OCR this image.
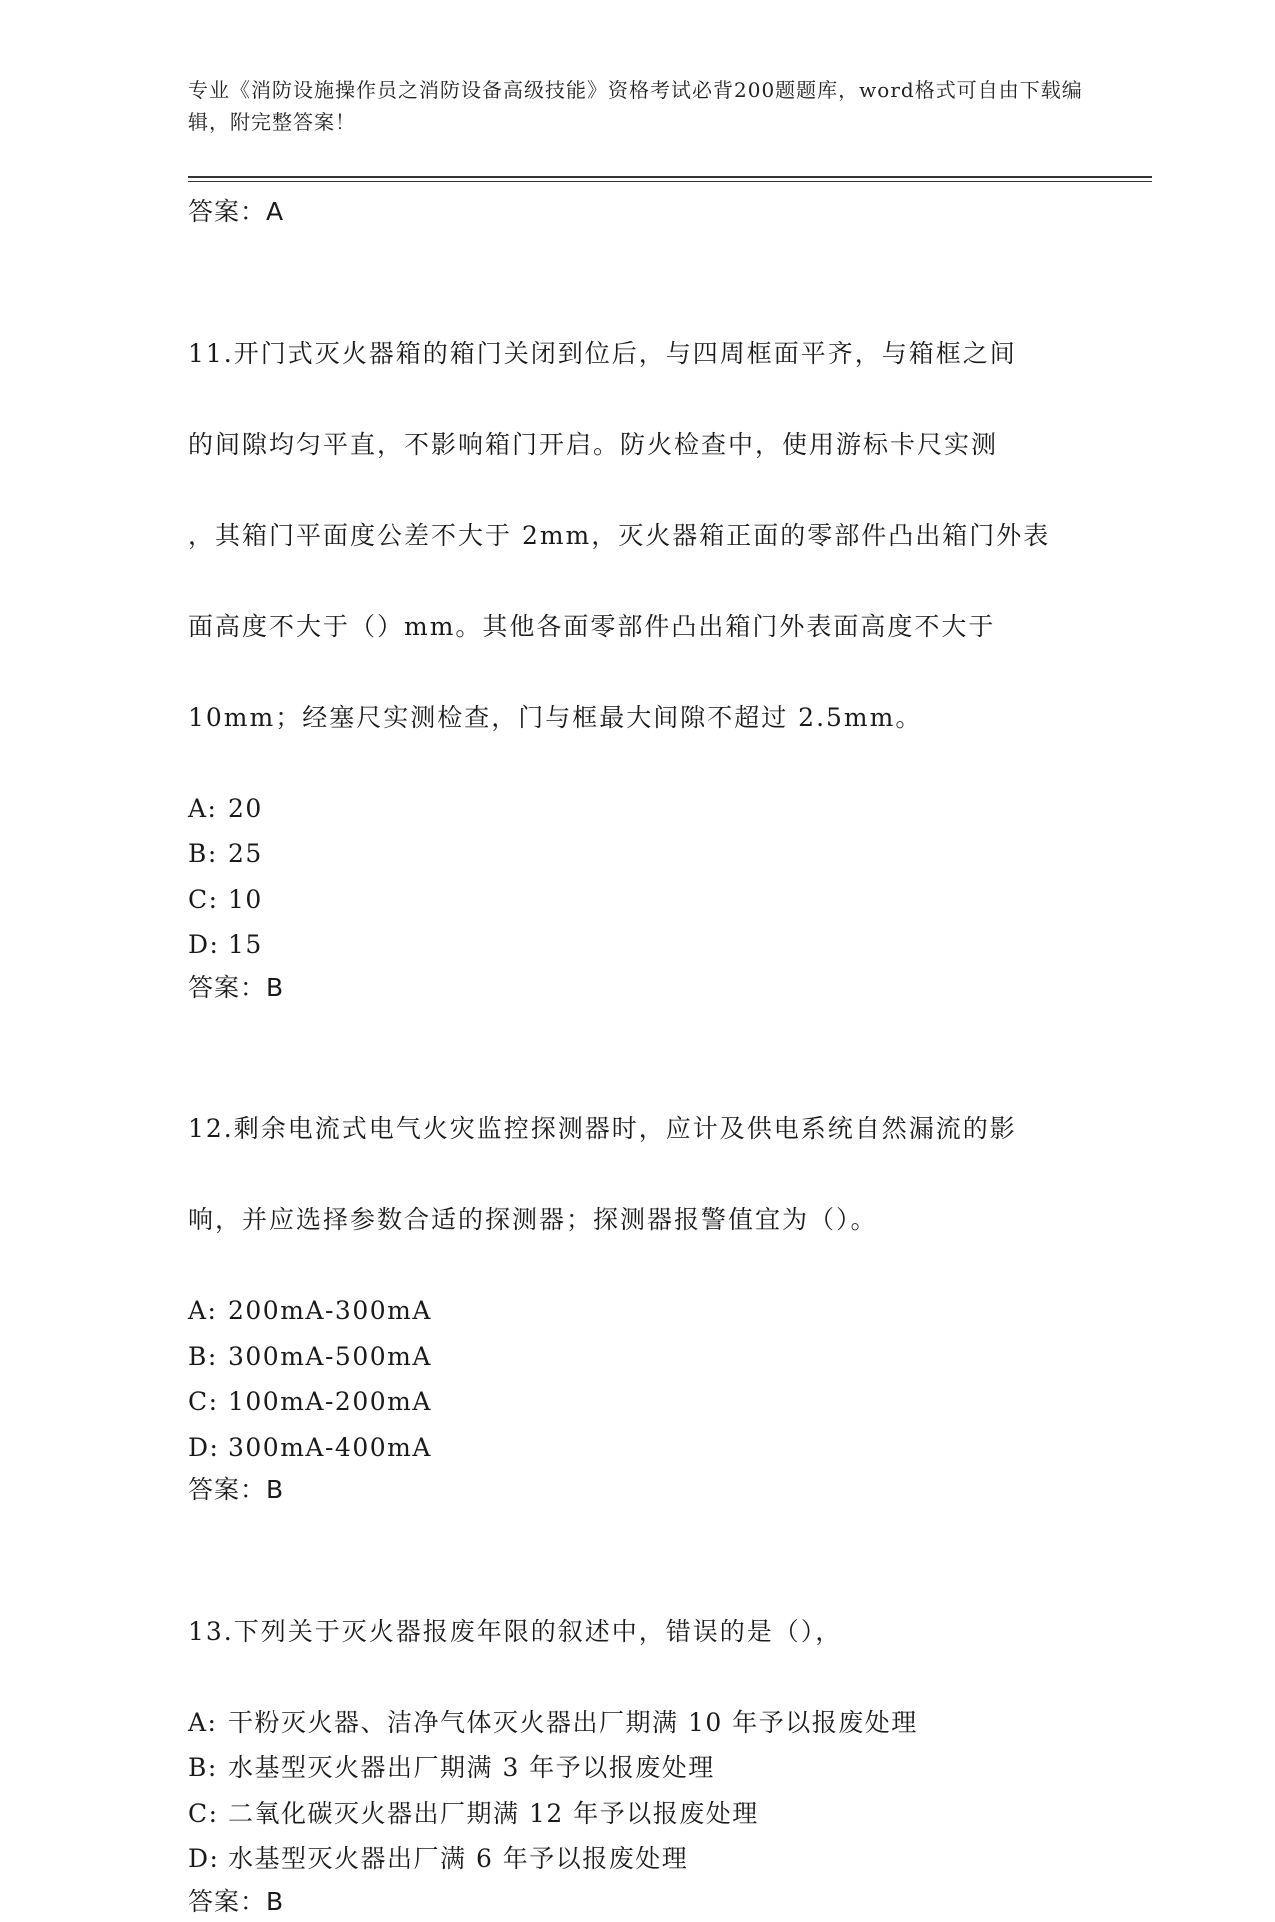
专业《消防设施操作员之消防设备高级技能》资格考试必背200题题库，word格式可自由下载编辑，附完整答案！
答案：A

11.开门式灭火器箱的箱门关闭到位后，与四周框面平齐，与箱框之间

的间隙均匀平直，不影响箱门开启。防火检查中，使用游标卡尺实测

，其箱门平面度公差不大于 2mm，灭火器箱正面的零部件凸出箱门外表

面高度不大于（）mm。其他各面零部件凸出箱门外表面高度不大于

10mm；经塞尺实测检查，门与框最大间隙不超过 2.5mm。

A: 20
B: 25
C: 10
D: 15
答案：B

12.剩余电流式电气火灾监控探测器时，应计及供电系统自然漏流的影

响，并应选择参数合适的探测器；探测器报警值宜为（）。

A: 200mA-300mA
B: 300mA-500mA
C: 100mA-200mA
D: 300mA-400mA
答案：B

13.下列关于灭火器报废年限的叙述中，错误的是（），

A: 干粉灭火器、洁净气体灭火器出厂期满 10 年予以报废处理
B: 水基型灭火器出厂期满 3 年予以报废处理
C: 二氧化碳灭火器出厂期满 12 年予以报废处理
D: 水基型灭火器出厂满 6 年予以报废处理
答案：B
